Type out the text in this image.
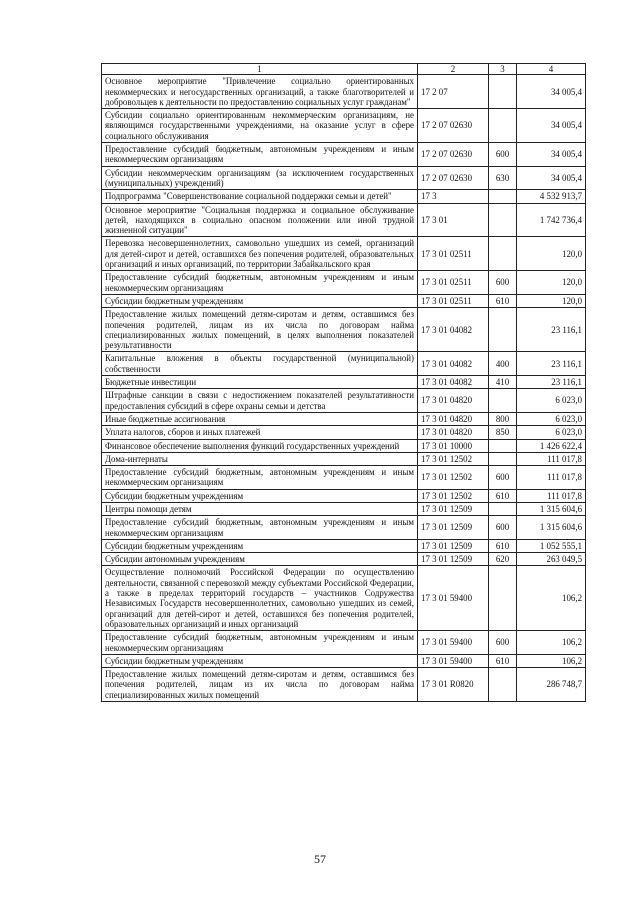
1	2	3	4
Основное мероприятие "Привлечение социально ориентированных некоммерческих и негосударственных организаций, а также благотворителей и добровольцев к деятельности по предоставлению социальных услуг гражданам"	17 2 07		34 005,4
Субсидии социально ориентированным некоммерческим организациям, не являющимся государственными учреждениями, на оказание услуг в сфере социального обслуживания	17 2 07 02630		34 005,4
Предоставление субсидий бюджетным, автономным учреждениям и иным некоммерческим организациям	17 2 07 02630	600	34 005,4
Субсидии некоммерческим организациям (за исключением государственных (муниципальных) учреждений)	17 2 07 02630	630	34 005,4
Подпрограмма "Совершенствование социальной поддержки семьи и детей"	17 3		4 532 913,7
Основное мероприятие "Социальная поддержка и социальное обслуживание детей, находящихся в социально опасном положении или иной трудной жизненной ситуации"	17 3 01		1 742 736,4
Перевозка несовершеннолетних, самовольно ушедших из семей, организаций для детей-сирот и детей, оставшихся без попечения родителей, образовательных организаций и иных организаций, по территории Забайкальского края	17 3 01 02511		120,0
Предоставление субсидий бюджетным, автономным учреждениям и иным некоммерческим организациям	17 3 01 02511	600	120,0
Субсидии бюджетным учреждениям	17 3 01 02511	610	120,0
Предоставление жилых помещений детям-сиротам и детям, оставшимся без попечения родителей, лицам из их числа по договорам найма специализированных жилых помещений, в целях выполнения показателей результативности	17 3 01 04082		23 116,1
Капитальные вложения в объекты государственной (муниципальной) собственности	17 3 01 04082	400	23 116,1
Бюджетные инвестиции	17 3 01 04082	410	23 116,1
Штрафные санкции в связи с недостижением показателей результативности предоставления субсидий в сфере охраны семьи и детства	17 3 01 04820		6 023,0
Иные бюджетные ассигнования	17 3 01 04820	800	6 023,0
Уплата налогов, сборов и иных платежей	17 3 01 04820	850	6 023,0
Финансовое обеспечение выполнения функций государственных учреждений	17 3 01 10000		1 426 622,4
Дома-интернаты	17 3 01 12502		111 017,8
Предоставление субсидий бюджетным, автономным учреждениям и иным некоммерческим организациям	17 3 01 12502	600	111 017,8
Субсидии бюджетным учреждениям	17 3 01 12502	610	111 017,8
Центры помощи детям	17 3 01 12509		1 315 604,6
Предоставление субсидий бюджетным, автономным учреждениям и иным некоммерческим организациям	17 3 01 12509	600	1 315 604,6
Субсидии бюджетным учреждениям	17 3 01 12509	610	1 052 555,1
Субсидии автономным учреждениям	17 3 01 12509	620	263 049,5
Осуществление полномочий Российской Федерации по осуществлению деятельности, связанной с перевозкой между субъектами Российской Федерации, а также в пределах территорий государств – участников Содружества Независимых Государств несовершеннолетних, самовольно ушедших из семей, организаций для детей-сирот и детей, оставшихся без попечения родителей, образовательных организаций и иных организаций	17 3 01 59400		106,2
Предоставление субсидий бюджетным, автономным учреждениям и иным некоммерческим организациям	17 3 01 59400	600	106,2
Субсидии бюджетным учреждениям	17 3 01 59400	610	106,2
Предоставление жилых помещений детям-сиротам и детям, оставшимся без попечения родителей, лицам из их числа по договорам найма специализированных жилых помещений	17 3 01 R0820		286 748,7
57
